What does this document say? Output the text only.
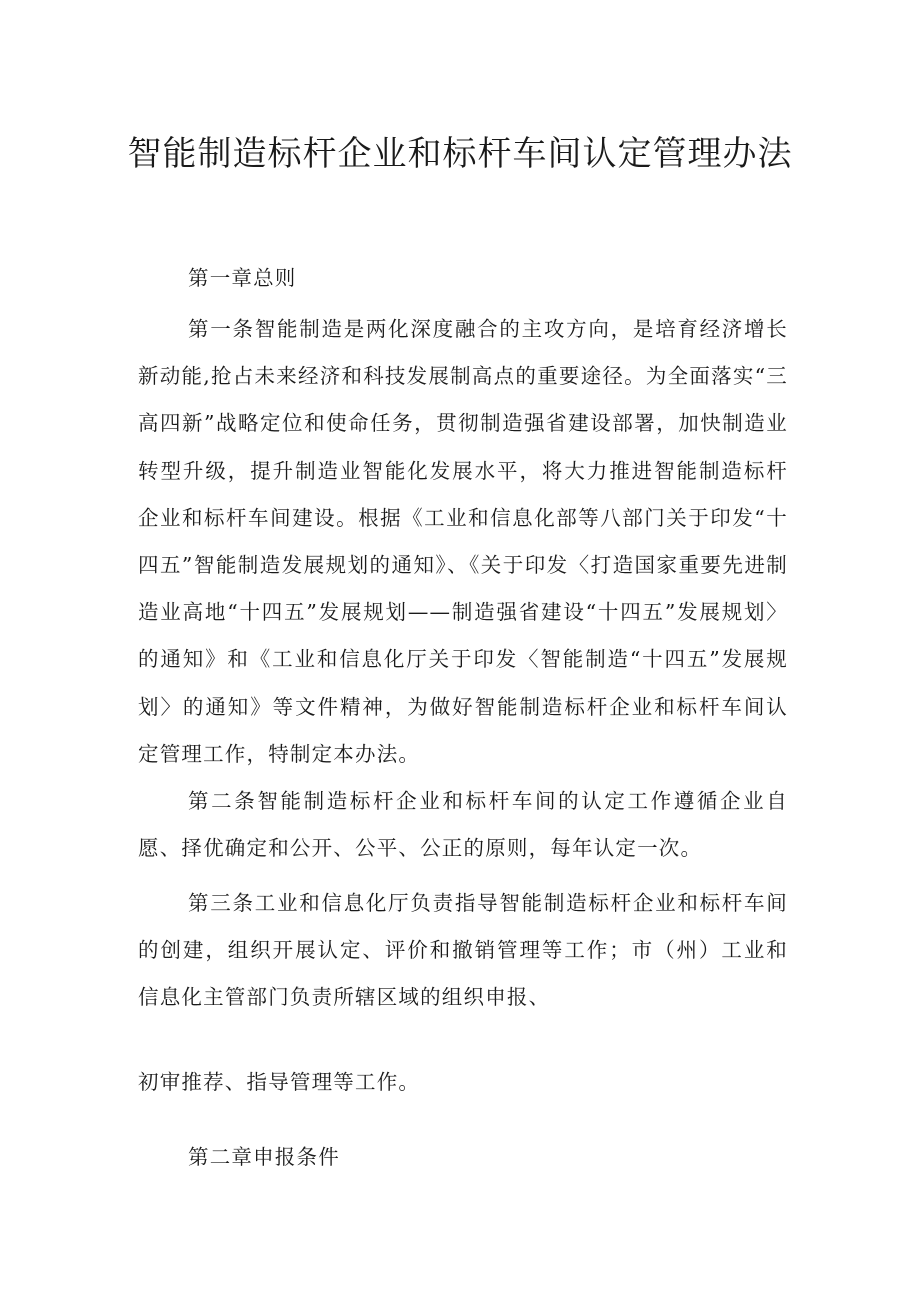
智能制造标杆企业和标杆车间认定管理办法

第一章总则

第一条智能制造是两化深度融合的主攻方向，是培育经济增长新动能,抢占未来经济和科技发展制高点的重要途径。为全面落实“三高四新”战略定位和使命任务，贯彻制造强省建设部署，加快制造业转型升级，提升制造业智能化发展水平，将大力推进智能制造标杆企业和标杆车间建设。根据《工业和信息化部等八部门关于印发“十四五”智能制造发展规划的通知》、《关于印发〈打造国家重要先进制造业高地“十四五”发展规划——制造强省建设“十四五”发展规划〉的通知》和《工业和信息化厅关于印发〈智能制造“十四五”发展规划〉的通知》等文件精神，为做好智能制造标杆企业和标杆车间认定管理工作，特制定本办法。

第二条智能制造标杆企业和标杆车间的认定工作遵循企业自愿、择优确定和公开、公平、公正的原则，每年认定一次。

第三条工业和信息化厅负责指导智能制造标杆企业和标杆车间的创建，组织开展认定、评价和撤销管理等工作；市（州）工业和信息化主管部门负责所辖区域的组织申报、

初审推荐、指导管理等工作。

第二章申报条件
